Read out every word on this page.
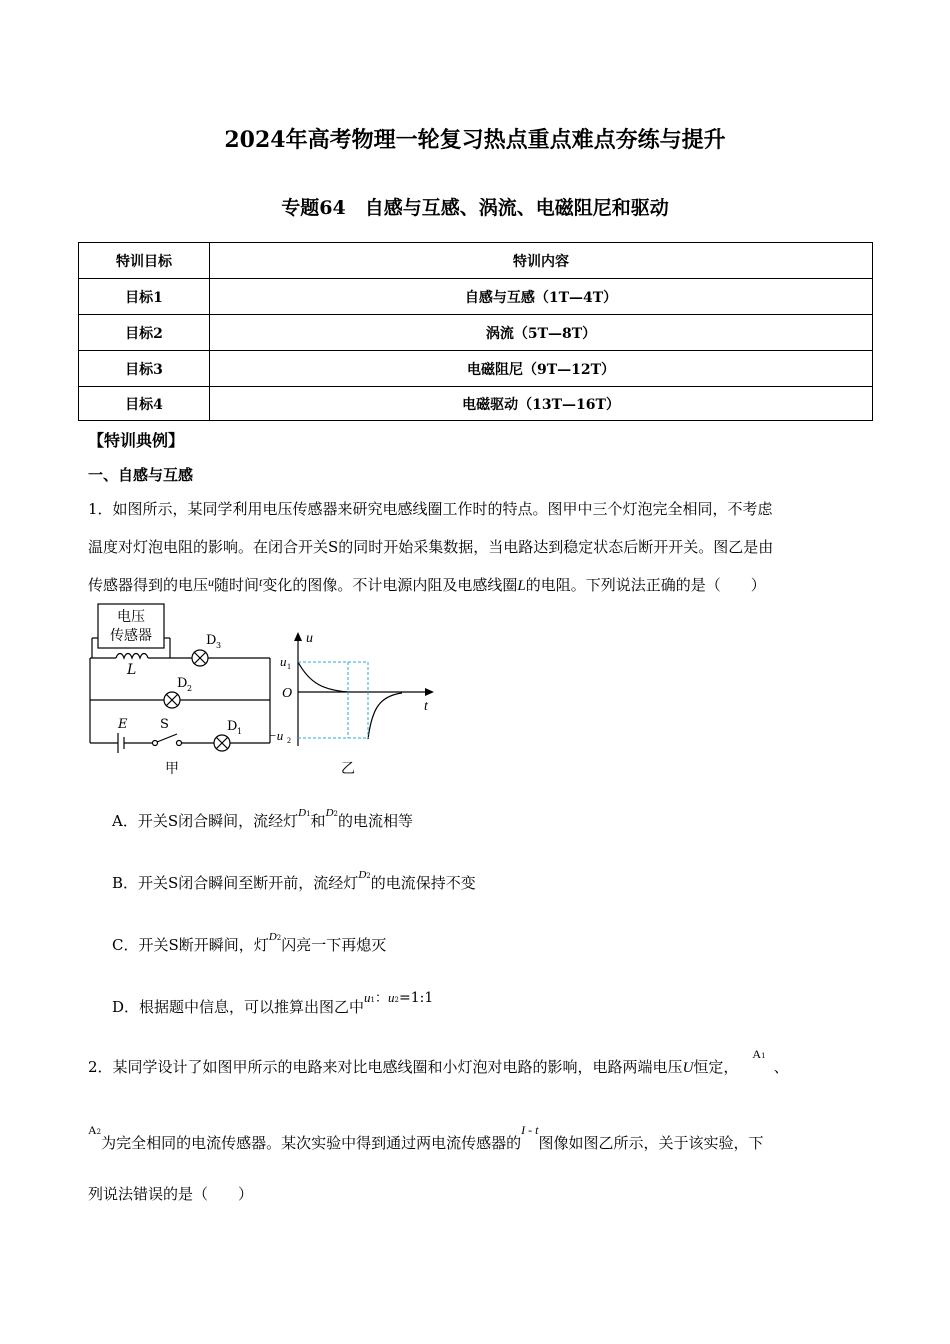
2024年高考物理一轮复习热点重点难点夯练与提升
专题64　自感与互感、涡流、电磁阻尼和驱动
特训目标	特训内容
目标1	自感与互感（1T—4T）
目标2	涡流（5T—8T）
目标3	电磁阻尼（9T—12T）
目标4	电磁驱动（13T—16T）
【特训典例】
一、自感与互感
1．如图所示，某同学利用电压传感器来研究电感线圈工作时的特点。图甲中三个灯泡完全相同，不考虑
温度对灯泡电阻的影响。在闭合开关S的同时开始采集数据，当电路达到稳定状态后断开开关。图乙是由
传感器得到的电压$^u$随时间$^t$变化的图像。不计电源内阻及电感线圈L的电阻。下列说法正确的是（　　）
电压
传感器
L
D 3
D 2
D 1
E	S
甲
u
u 1
O
t
−u 2
乙
A．开关S闭合瞬间，流经灯D1和D2的电流相等
B．开关S闭合瞬间至断开前，流经灯D2的电流保持不变
C．开关S断开瞬间，灯D2闪亮一下再熄灭
D．根据题中信息，可以推算出图乙中u1：u2=1:1
2．某同学设计了如图甲所示的电路来对比电感线圈和小灯泡对电路的影响，电路两端电压U恒定，A1、
A2为完全相同的电流传感器。某次实验中得到通过两电流传感器的I - t图像如图乙所示，关于该实验，下
列说法错误的是（　　）
